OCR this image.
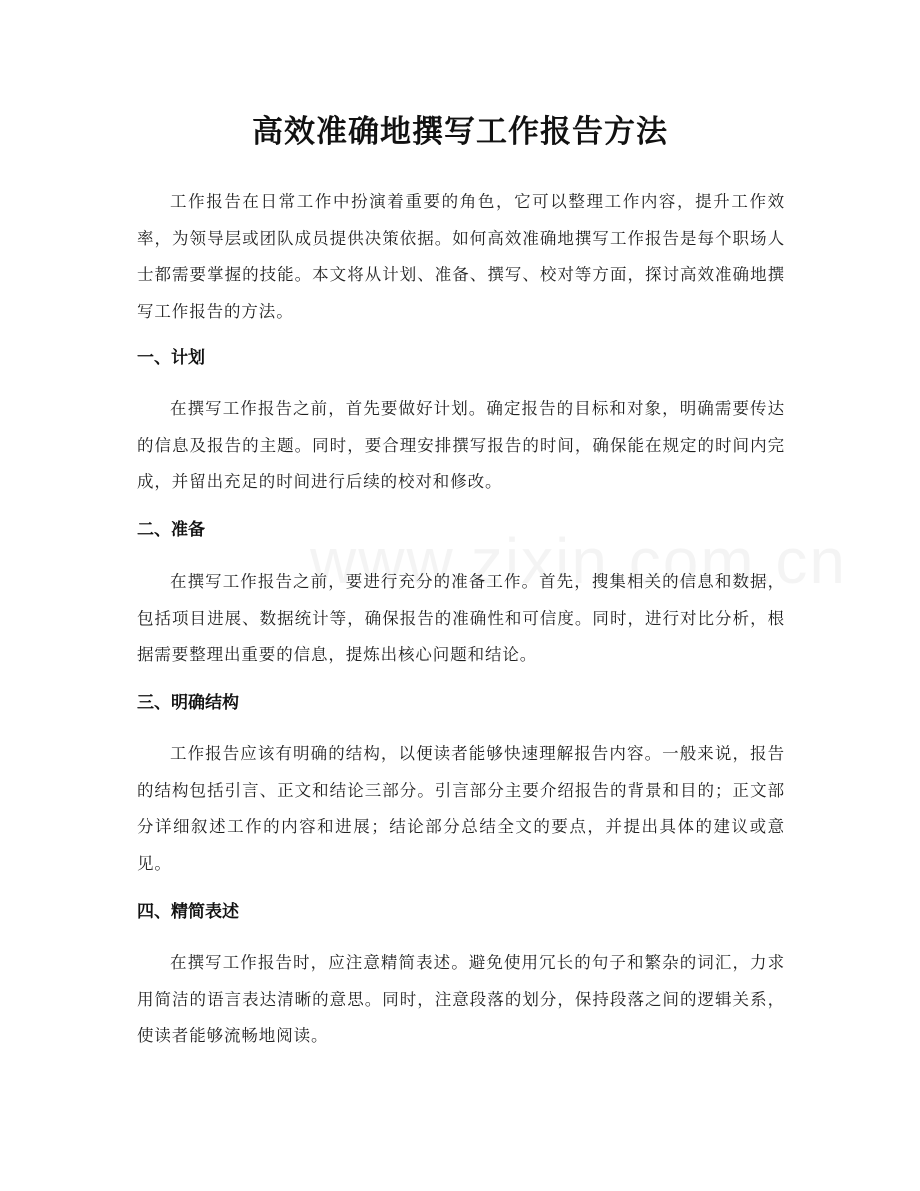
高效准确地撰写工作报告方法

工作报告在日常工作中扮演着重要的角色，它可以整理工作内容，提升工作效率，为领导层或团队成员提供决策依据。如何高效准确地撰写工作报告是每个职场人士都需要掌握的技能。本文将从计划、准备、撰写、校对等方面，探讨高效准确地撰写工作报告的方法。

一、计划

在撰写工作报告之前，首先要做好计划。确定报告的目标和对象，明确需要传达的信息及报告的主题。同时，要合理安排撰写报告的时间，确保能在规定的时间内完成，并留出充足的时间进行后续的校对和修改。

二、准备

在撰写工作报告之前，要进行充分的准备工作。首先，搜集相关的信息和数据，包括项目进展、数据统计等，确保报告的准确性和可信度。同时，进行对比分析，根据需要整理出重要的信息，提炼出核心问题和结论。

三、明确结构

工作报告应该有明确的结构，以便读者能够快速理解报告内容。一般来说，报告的结构包括引言、正文和结论三部分。引言部分主要介绍报告的背景和目的；正文部分详细叙述工作的内容和进展；结论部分总结全文的要点，并提出具体的建议或意见。

四、精简表述

在撰写工作报告时，应注意精简表述。避免使用冗长的句子和繁杂的词汇，力求用简洁的语言表达清晰的意思。同时，注意段落的划分，保持段落之间的逻辑关系，使读者能够流畅地阅读。
